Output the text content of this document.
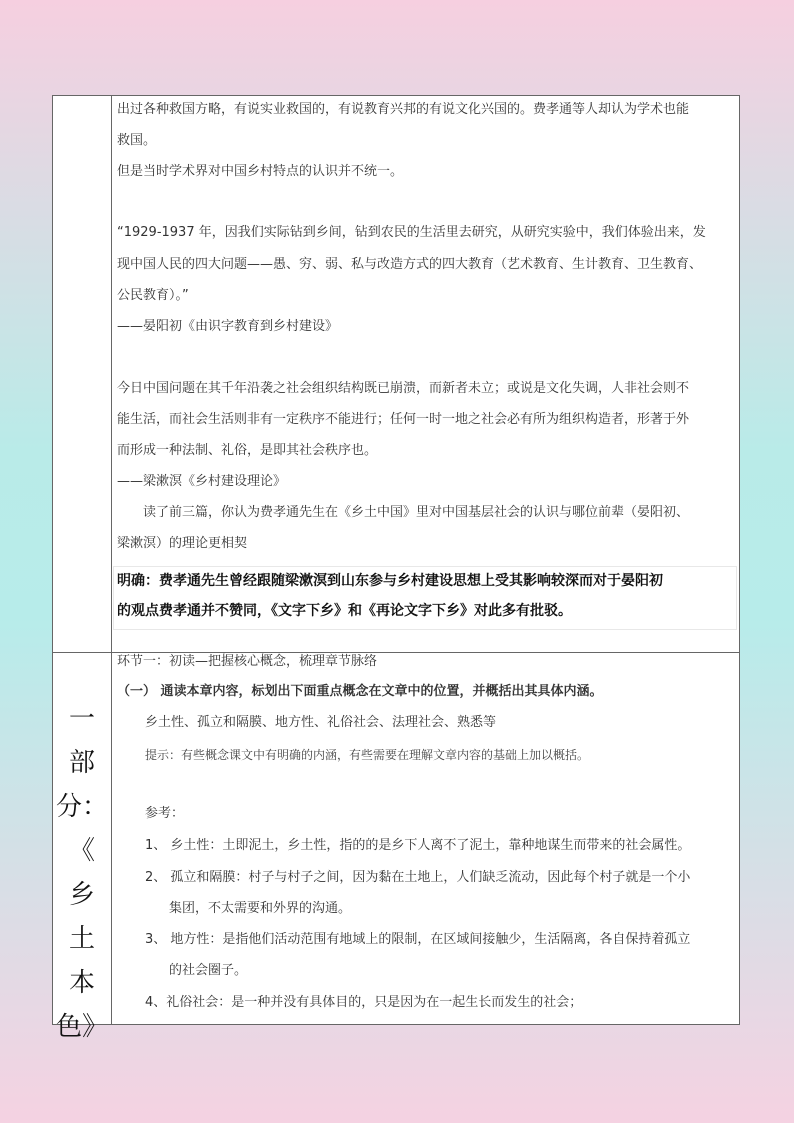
出过各种救国方略，有说实业救国的，有说教育兴邦的有说文化兴国的。费孝通等人却认为学术也能
救国。
但是当时学术界对中国乡村特点的认识并不统一。
“1929-1937 年，因我们实际钻到乡间，钻到农民的生活里去研究，从研究实验中，我们体验出来，发
现中国人民的四大问题——愚、穷、弱、私与改造方式的四大教育（艺术教育、生计教育、卫生教育、
公民教育）。”
——晏阳初《由识字教育到乡村建设》
今日中国问题在其千年沿袭之社会组织结构既已崩溃，而新者未立；或说是文化失调，人非社会则不
能生活，而社会生活则非有一定秩序不能进行；任何一时一地之社会必有所为组织构造者，形著于外
而形成一种法制、礼俗，是即其社会秩序也。
——梁漱溟《乡村建设理论》
读了前三篇，你认为费孝通先生在《乡土中国》里对中国基层社会的认识与哪位前辈（晏阳初、
梁漱溟）的理论更相契
明确：费孝通先生曾经跟随梁漱溟到山东参与乡村建设思想上受其影响较深而对于晏阳初
的观点费孝通并不赞同，《文字下乡》和《再论文字下乡》对此多有批驳。
一
部
分：
《
乡
土
本
色》
环节一：初读—把握核心概念，梳理章节脉络
（一） 通读本章内容，标划出下面重点概念在文章中的位置，并概括出其具体内涵。
乡土性、孤立和隔膜、地方性、礼俗社会、法理社会、熟悉等
提示：有些概念课文中有明确的内涵，有些需要在理解文章内容的基础上加以概括。
参考：
1、 乡土性：土即泥土，乡土性，指的的是乡下人离不了泥土，靠种地谋生而带来的社会属性。
2、 孤立和隔膜：村子与村子之间，因为黏在土地上，人们缺乏流动，因此每个村子就是一个小
集团，不太需要和外界的沟通。
3、 地方性：是指他们活动范围有地域上的限制，在区域间接触少，生活隔离，各自保持着孤立
的社会圈子。
4、礼俗社会：是一种并没有具体目的，只是因为在一起生长而发生的社会；
